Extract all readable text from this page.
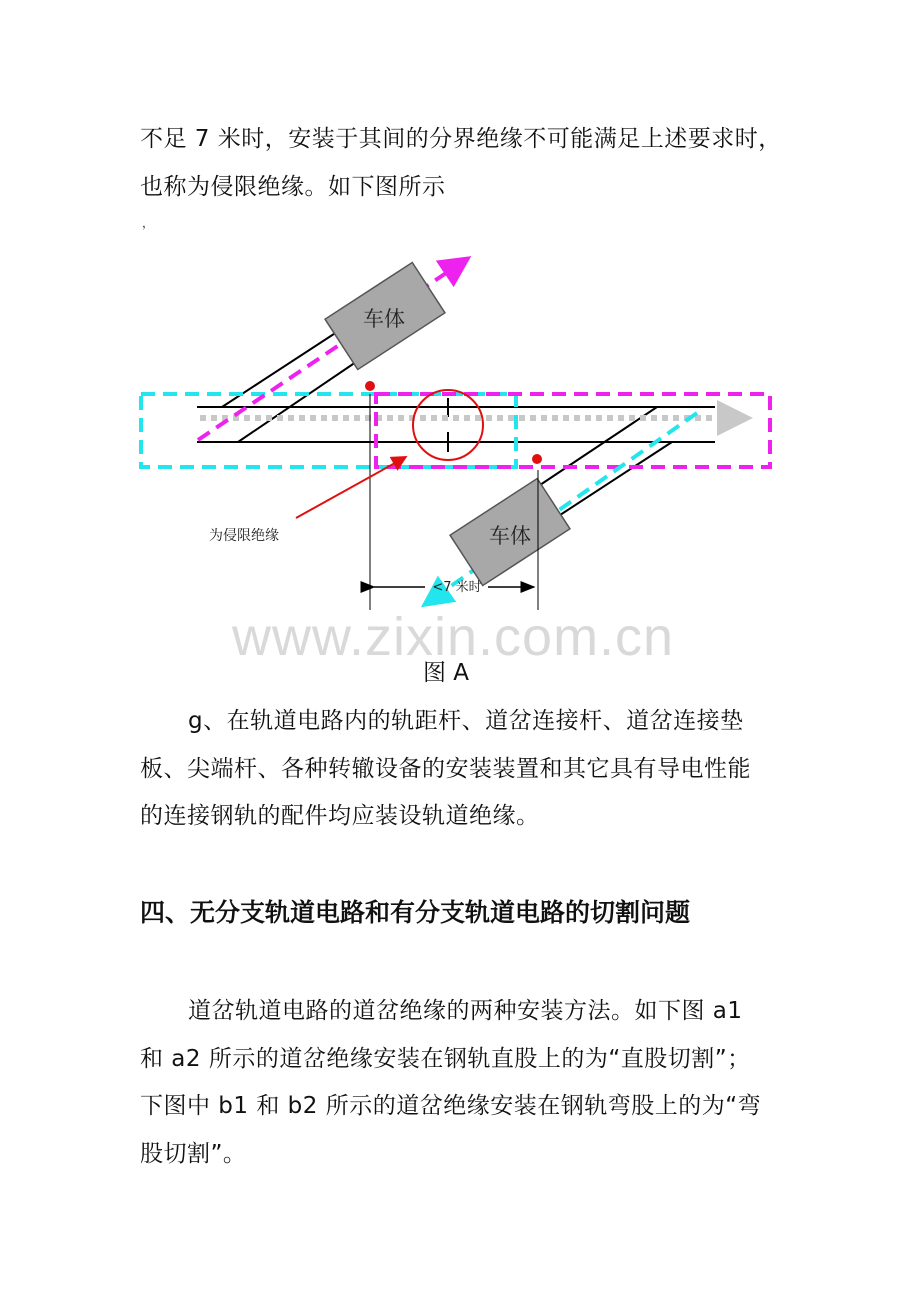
不足 7 米时，安装于其间的分界绝缘不可能满足上述要求时，
也称为侵限绝缘。如下图所示
，
车体
车体
<7 米时
为侵限绝缘
www.zixin.com.cn
图 A
g、在轨道电路内的轨距杆、道岔连接杆、道岔连接垫
板、尖端杆、各种转辙设备的安装装置和其它具有导电性能
的连接钢轨的配件均应装设轨道绝缘。
四、无分支轨道电路和有分支轨道电路的切割问题
道岔轨道电路的道岔绝缘的两种安装方法。如下图 a1
和 a2 所示的道岔绝缘安装在钢轨直股上的为“直股切割”；
下图中 b1 和 b2 所示的道岔绝缘安装在钢轨弯股上的为“弯
股切割”。
